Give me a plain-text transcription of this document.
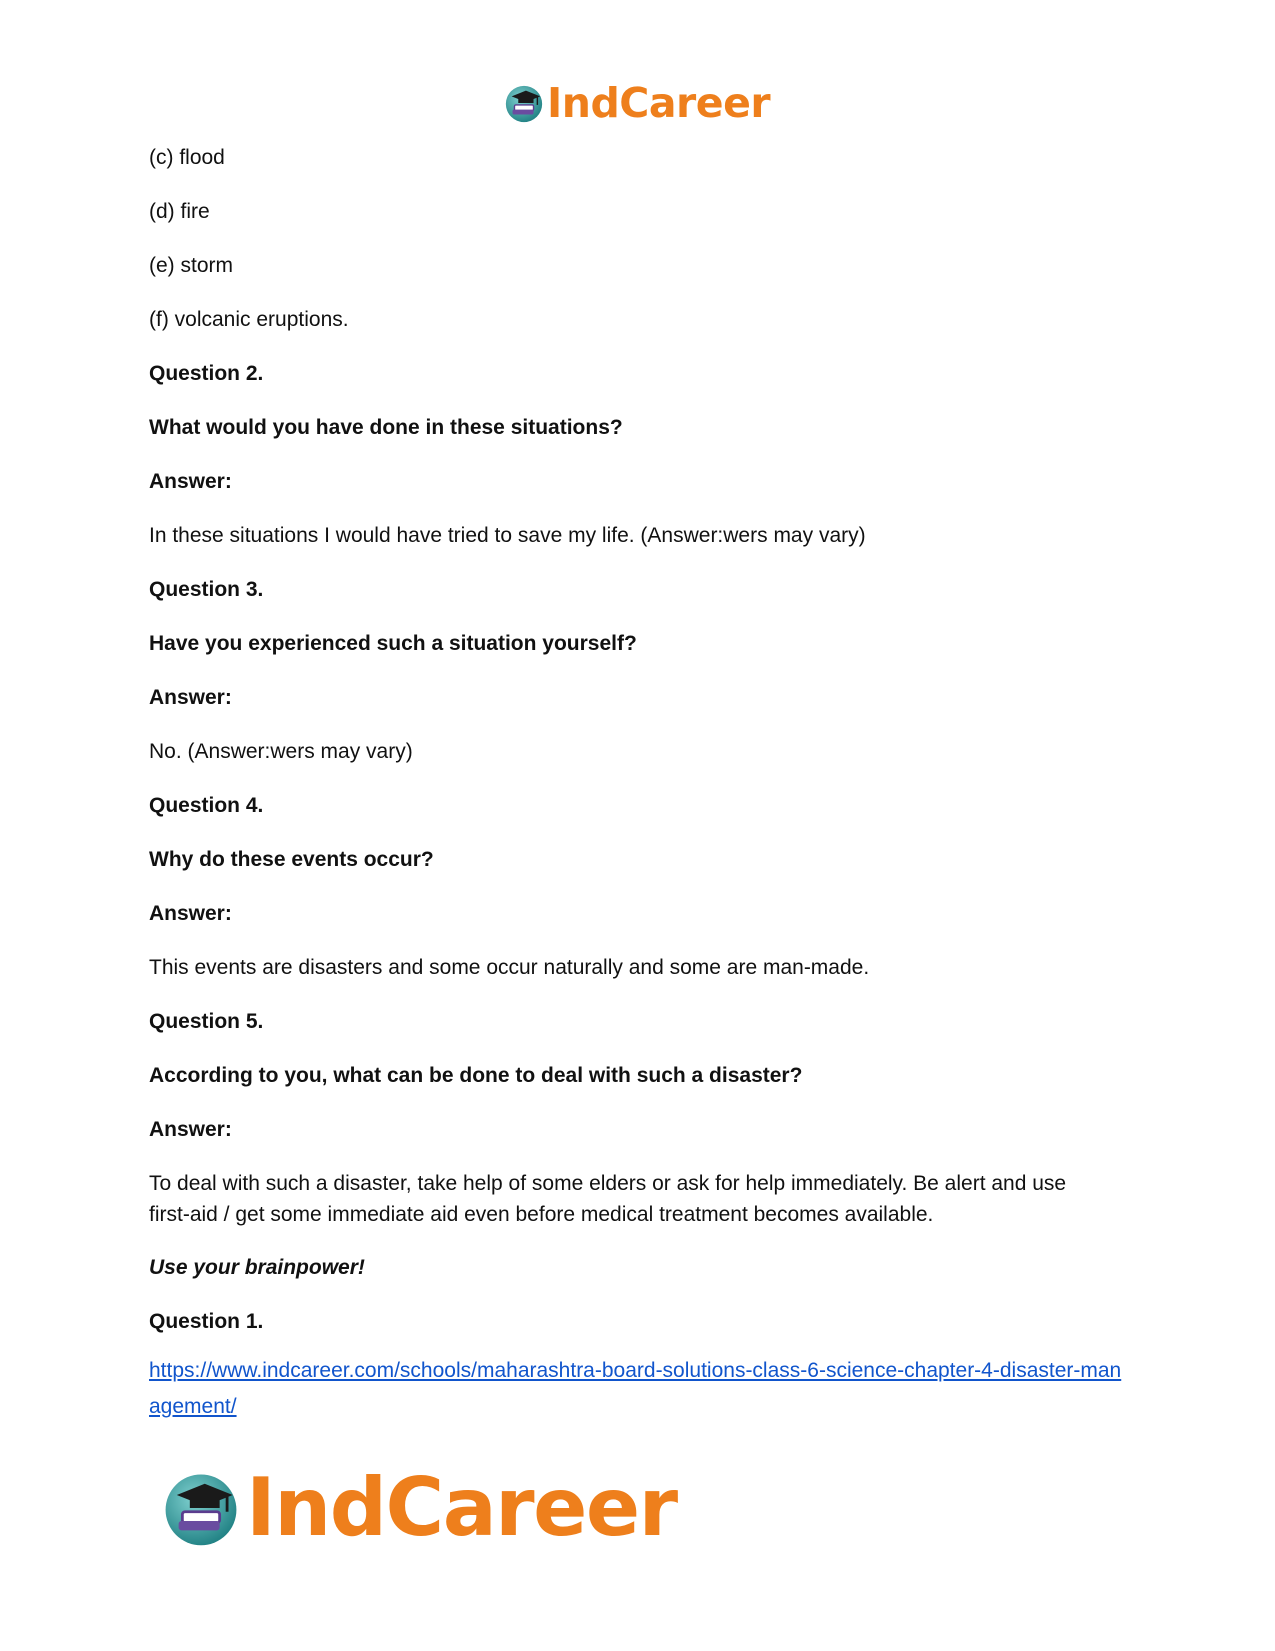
IndCareer
(c) flood
(d) fire
(e) storm
(f) volcanic eruptions.
Question 2.
What would you have done in these situations?
Answer:
In these situations I would have tried to save my life. (Answer:wers may vary)
Question 3.
Have you experienced such a situation yourself?
Answer:
No. (Answer:wers may vary)
Question 4.
Why do these events occur?
Answer:
This events are disasters and some occur naturally and some are man-made.
Question 5.
According to you, what can be done to deal with such a disaster?
Answer:
To deal with such a disaster, take help of some elders or ask for help immediately. Be alert and use first-aid / get some immediate aid even before medical treatment becomes available.
Use your brainpower!
Question 1.
https://www.indcareer.com/schools/maharashtra-board-solutions-class-6-science-chapter-4-disaster-management/
IndCareer
